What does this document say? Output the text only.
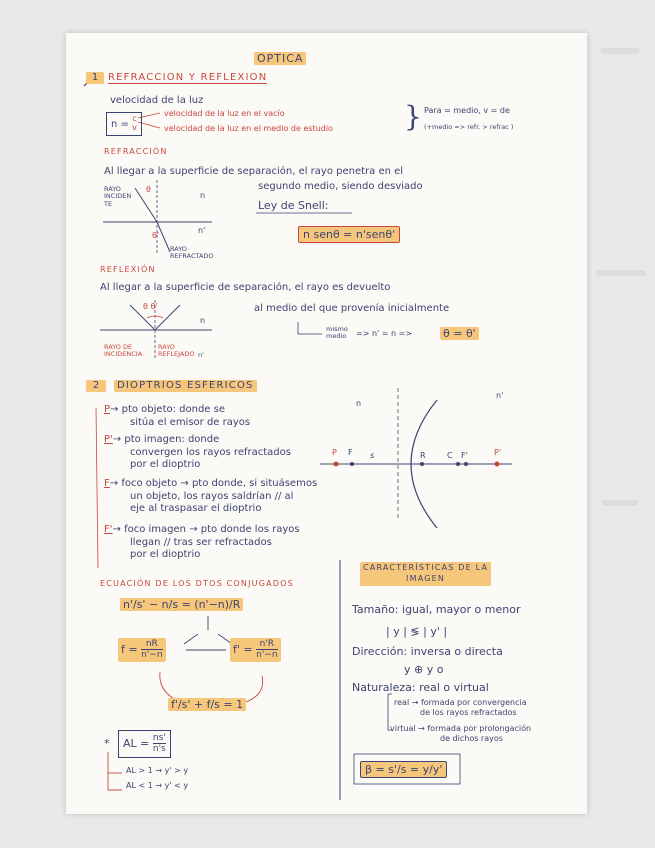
OPTICA
1 REFRACCION Y REFLEXION
velocidad de la luz
n = c
v
velocidad de la luz en el vacío
velocidad de la luz en el medio de estudio	} Para = medio, v = de
(+medio => refr. > refrac )
REFRACCIÓN
Al llegar a la superficie de separación, el rayo penetra en el
segundo medio, siendo desviado
RAYO
INCIDEN
TE
θ
θ'
n
n'
RAYO
REFRACTADO
Ley de Snell:
n senθ = n'senθ'
REFLEXIÓN
Al llegar a la superficie de separación, el rayo es devuelto
al medio del que provenía inicialmente
θ θ'
n
RAYO DE
INCIDENCIA
RAYO
REFLEJADO n'
mismo
medio => n' = n =>	θ = θ'
2	DIOPTRIOS ESFERICOS
P→ pto objeto: donde se
sitúa el emisor de rayos
P'→ pto imagen: donde
convergen los rayos refractados
por el dioptrio
F→ foco objeto → pto donde, si situásemos
un objeto, los rayos saldrían // al
eje al traspasar el dioptrio
F'→ foco imagen → pto donde los rayos
llegan // tras ser refractados
por el dioptrio
n
n'
P F s	R	C F'	P'
ECUACIÓN DE LOS DTOS CONJUGADOS
n'/s' − n/s = (n'−n)/R
$f = \frac{nR}{n'-n}$	$f' = \frac{n'R}{n'-n}$
f'/s' + f/s = 1
*	AL = $\frac{ns'}{n's}$
AL > 1 → y' > y
AL < 1 → y' < y
CARACTERÍSTICAS DE LA
IMAGEN
Tamaño: igual, mayor o menor
| y | ≶ | y' |
Dirección: inversa o directa
y ⊕ y o
Naturaleza: real o virtual
real → formada por convergencia
de los rayos refractados
virtual → formada por prolongación
de dichos rayos
β = s'/s = y/y'
